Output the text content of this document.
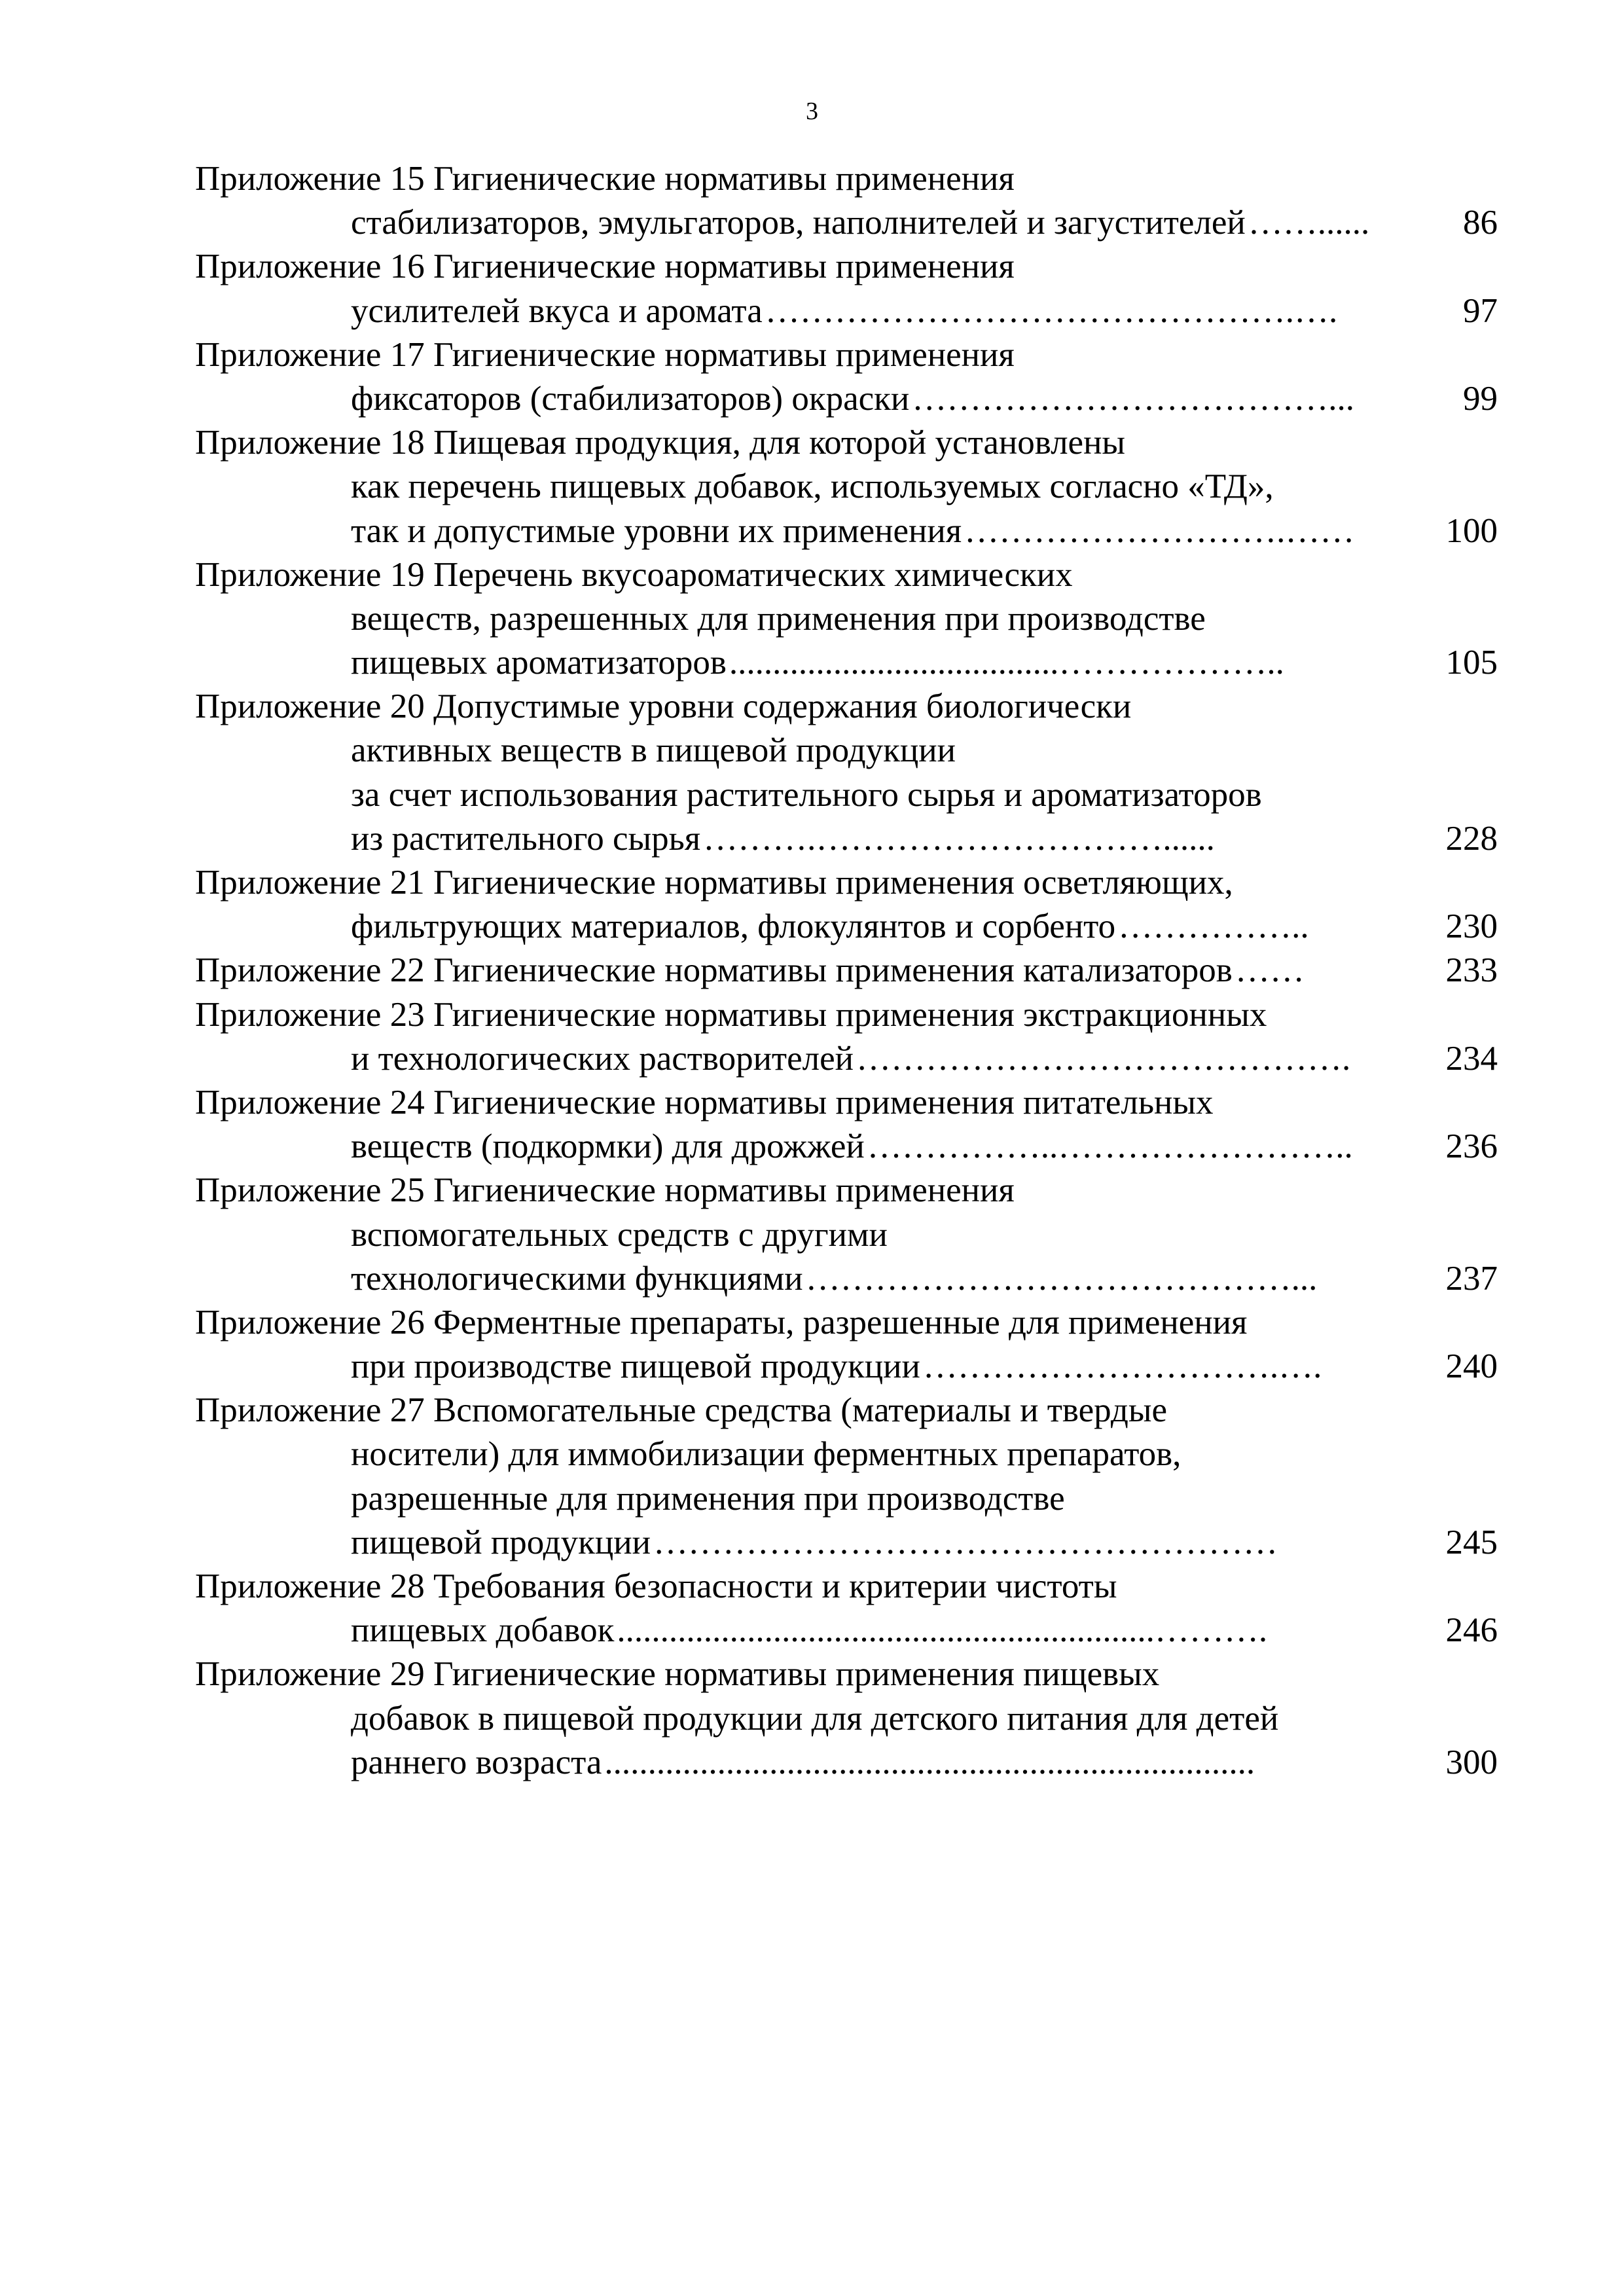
3
Приложение 15 Гигиенические нормативы применения
стабилизаторов, эмульгаторов, наполнителей и загустителей ……......	86
Приложение 16 Гигиенические нормативы применения
усилителей вкуса и аромата ……………………………………….….	97
Приложение 17 Гигиенические нормативы применения
фиксаторов (стабилизаторов) окраски ………………………………...	99
Приложение 18 Пищевая продукция, для которой установлены
как перечень пищевых добавок, используемых согласно «ТД»,
так и допустимые уровни их применения ……………………….……	100
Приложение 19 Перечень вкусоароматических химических
веществ, разрешенных для применения при производстве
пищевых ароматизаторов ......................................………………..	105
Приложение 20 Допустимые уровни содержания биологически
активных веществ в пищевой продукции
за счет использования растительного сырья и ароматизаторов
из растительного сырья ……….…………………………......	228
Приложение 21 Гигиенические нормативы применения осветляющих,
фильтрующих материалов, флокулянтов и сорбенто ……………..	230
Приложение 22 Гигиенические нормативы применения катализаторов ……	233
Приложение 23 Гигиенические нормативы применения экстракционных
и технологических растворителей …………………………………….	234
Приложение 24 Гигиенические нормативы применения питательных
веществ (подкормки) для дрожжей ……………..……………………..	236
Приложение 25 Гигиенические нормативы применения
вспомогательных средств с другими
технологическими функциями ……………………………………...	237
Приложение 26 Ферментные препараты, разрешенные для применения
при производстве пищевой продукции ………………………….….	240
Приложение 27 Вспомогательные средства (материалы и твердые
носители) для иммобилизации ферментных препаратов,
разрешенные для применения при производстве
пищевой продукции ………………………………………………	245
Приложение 28 Требования безопасности и критерии чистоты
пищевых добавок ..............................................................……….	246
Приложение 29 Гигиенические нормативы применения пищевых
добавок в пищевой продукции для детского питания для детей
раннего возраста ...........................................................................	300
